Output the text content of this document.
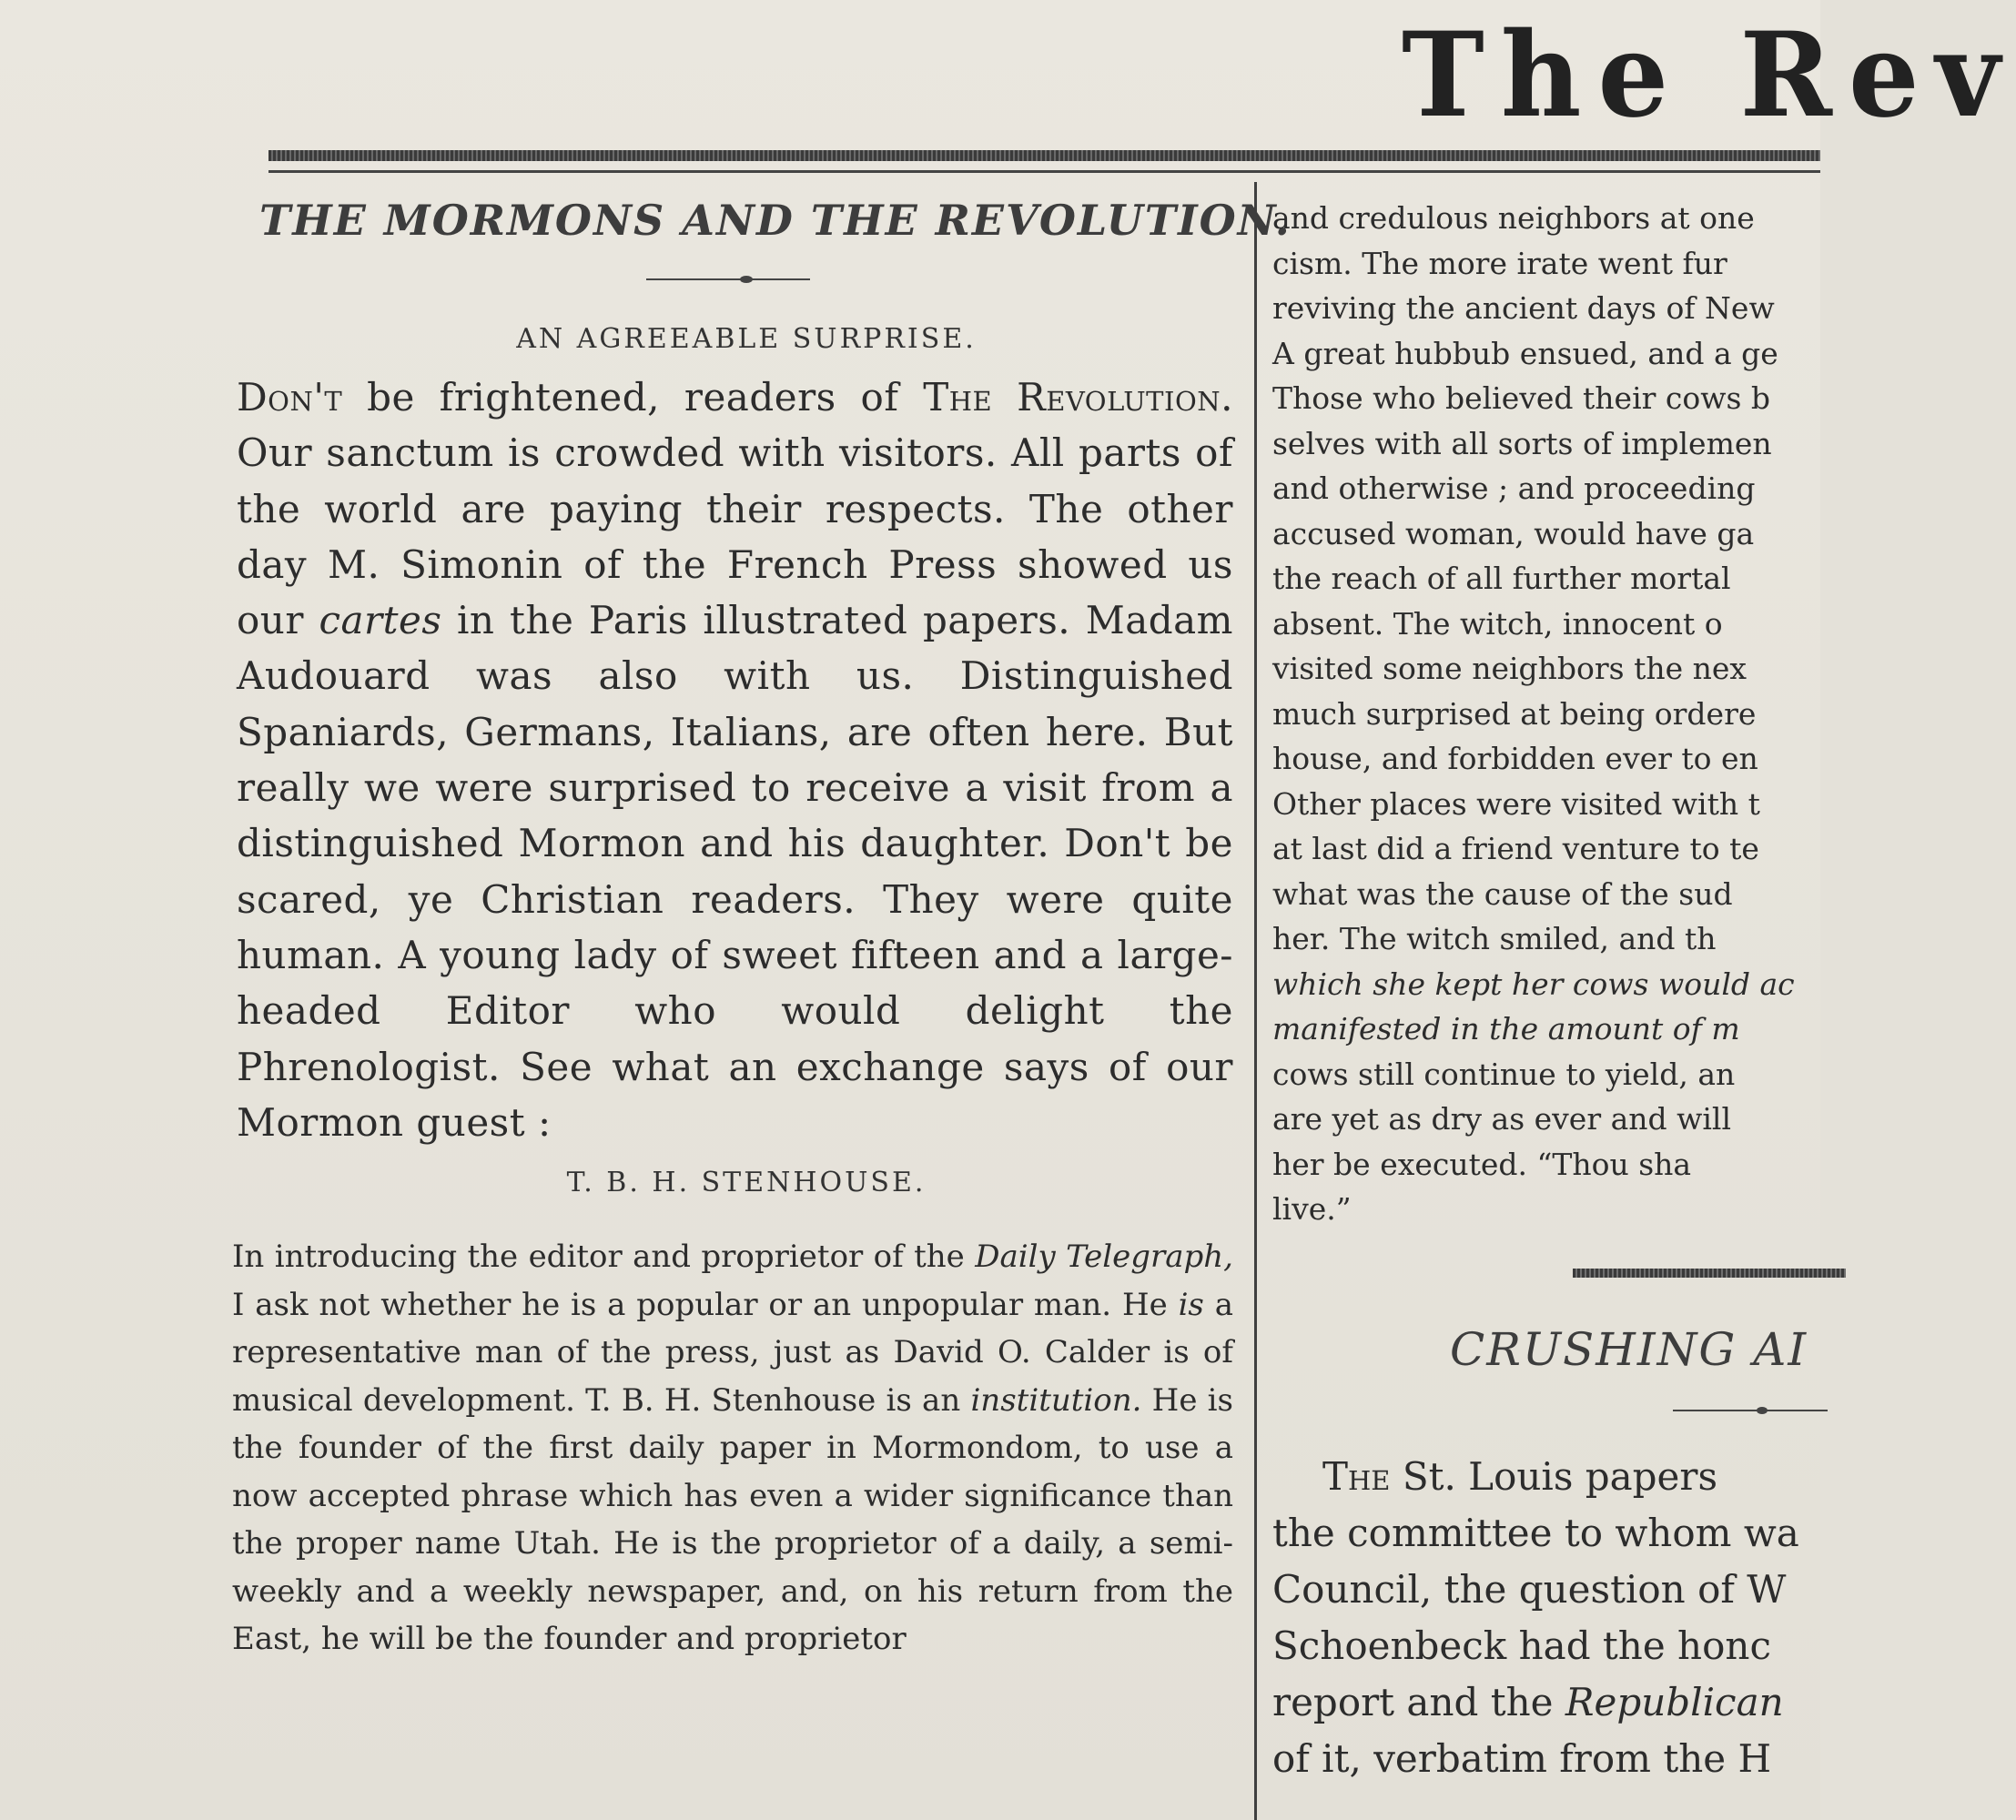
The Rev
THE MORMONS AND THE REVOLUTION.
AN AGREEABLE SURPRISE.

Don't be frightened, readers of The Revolution. Our sanctum is crowded with visitors. All parts of the world are paying their respects. The other day M. Simonin of the French Press showed us our cartes in the Paris illustrated papers. Madam Audouard was also with us. Distinguished Spaniards, Germans, Italians, are often here. But really we were surprised to receive a visit from a distinguished Mormon and his daughter. Don't be scared, ye Christian readers. They were quite human. A young lady of sweet fifteen and a large-headed Editor who would delight the Phrenologist. See what an exchange says of our Mormon guest :

T. B. H. STENHOUSE.

In introducing the editor and proprietor of the Daily Telegraph, I ask not whether he is a popular or an unpopular man. He is a representative man of the press, just as David O. Calder is of musical development. T. B. H. Stenhouse is an institution. He is the founder of the first daily paper in Mormondom, to use a now accepted phrase which has even a wider significance than the proper name Utah. He is the proprietor of a daily, a semi-weekly and a weekly newspaper, and, on his return from the East, he will be the founder and proprietor

and credulous neighbors at one
cism. The more irate went fur
reviving the ancient days of New
A great hubbub ensued, and a ge
Those who believed their cows b
selves with all sorts of implemen
and otherwise ; and proceeding
accused woman, would have ga
the reach of all further mortal
absent. The witch, innocent o
visited some neighbors the nex
much surprised at being ordere
house, and forbidden ever to en
Other places were visited with t
at last did a friend venture to te
what was the cause of the sud
her. The witch smiled, and th
which she kept her cows would ac
manifested in the amount of m
cows still continue to yield, an
are yet as dry as ever and will
her be executed. “Thou sha
live.”
CRUSHING AI
The St. Louis papers
the committee to whom wa
Council, the question of W
Schoenbeck had the honc
report and the Republican
of it, verbatim from the H
